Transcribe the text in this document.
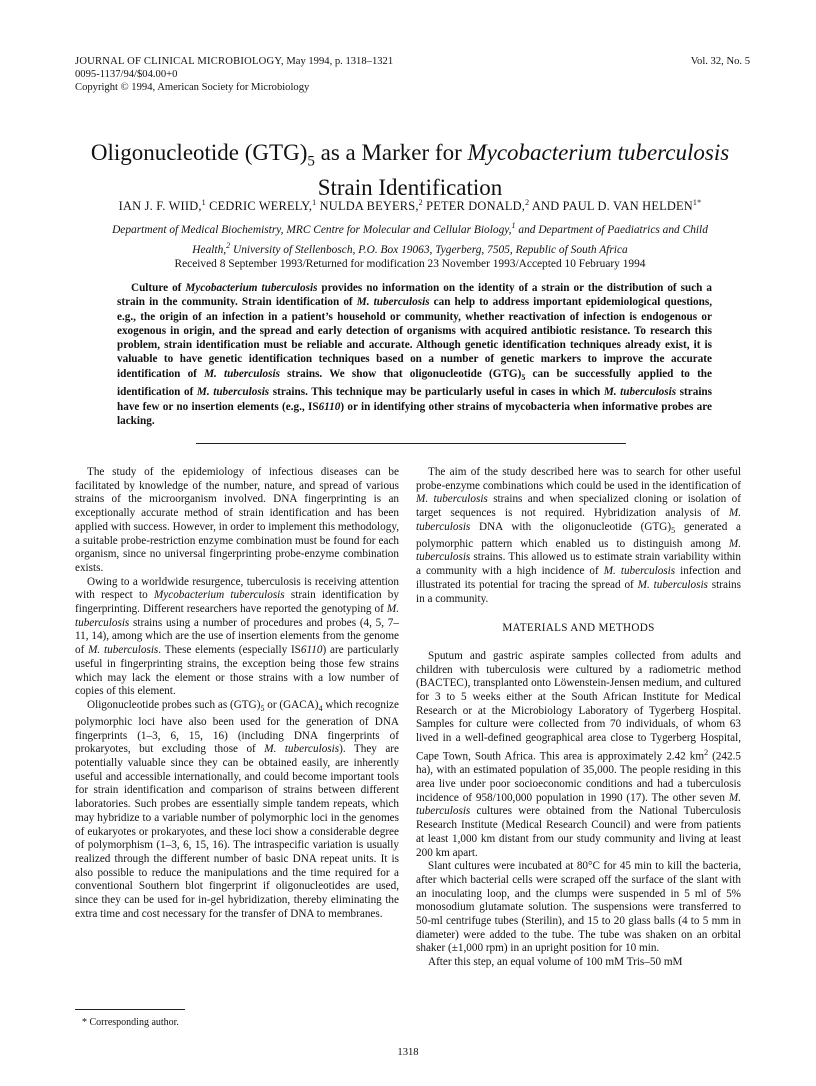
JOURNAL OF CLINICAL MICROBIOLOGY, May 1994, p. 1318–1321
0095-1137/94/$04.00+0
Copyright © 1994, American Society for Microbiology
Vol. 32, No. 5
Oligonucleotide $(GTG)_5$ as a Marker for Mycobacterium tuberculosis
Strain Identification
IAN J. F. WIID,$^1$ CEDRIC WERELY,$^1$ NULDA BEYERS,$^2$ PETER DONALD,$^2$ AND PAUL D. VAN $HELDEN^{1*}$
Department of Medical Biochemistry, MRC Centre for Molecular and Cellular Biology,$^1$ and Department of Paediatrics and Child Health,$^2$ University of Stellenbosch, P.O. Box 19063, Tygerberg, 7505, Republic of South Africa
Received 8 September 1993/Returned for modification 23 November 1993/Accepted 10 February 1994

Culture of Mycobacterium tuberculosis provides no information on the identity of a strain or the distribution of such a strain in the community. Strain identification of M. tuberculosis can help to address important epidemiological questions, e.g., the origin of an infection in a patient’s household or community, whether reactivation of infection is endogenous or exogenous in origin, and the spread and early detection of organisms with acquired antibiotic resistance. To research this problem, strain identification must be reliable and accurate. Although genetic identification techniques already exist, it is valuable to have genetic identification techniques based on a number of genetic markers to improve the accurate identification of M. tuberculosis strains. We show that oligonucleotide $(GTG)_5$ can be successfully applied to the identification of M. tuberculosis strains. This technique may be particularly useful in cases in which M. tuberculosis strains have few or no insertion elements (e.g., IS6110) or in identifying other strains of mycobacteria when informative probes are lacking.

The study of the epidemiology of infectious diseases can be facilitated by knowledge of the number, nature, and spread of various strains of the microorganism involved. DNA fingerprinting is an exceptionally accurate method of strain identification and has been applied with success. However, in order to implement this methodology, a suitable probe-restriction enzyme combination must be found for each organism, since no universal fingerprinting probe-enzyme combination exists.

Owing to a worldwide resurgence, tuberculosis is receiving attention with respect to Mycobacterium tuberculosis strain identification by fingerprinting. Different researchers have reported the genotyping of M. tuberculosis strains using a number of procedures and probes (4, 5, 7–11, 14), among which are the use of insertion elements from the genome of M. tuberculosis. These elements (especially IS6110) are particularly useful in fingerprinting strains, the exception being those few strains which may lack the element or those strains with a low number of copies of this element.

Oligonucleotide probes such as $(GTG)_5$ or $(GACA)_4$ which recognize polymorphic loci have also been used for the generation of DNA fingerprints (1–3, 6, 15, 16) (including DNA fingerprints of prokaryotes, but excluding those of M. tuberculosis). They are potentially valuable since they can be obtained easily, are inherently useful and accessible internationally, and could become important tools for strain identification and comparison of strains between different laboratories. Such probes are essentially simple tandem repeats, which may hybridize to a variable number of polymorphic loci in the genomes of eukaryotes or prokaryotes, and these loci show a considerable degree of polymorphism (1–3, 6, 15, 16). The intraspecific variation is usually realized through the different number of basic DNA repeat units. It is also possible to reduce the manipulations and the time required for a conventional Southern blot fingerprint if oligonucleotides are used, since they can be used for in-gel hybridization, thereby eliminating the extra time and cost necessary for the transfer of DNA to membranes.

The aim of the study described here was to search for other useful probe-enzyme combinations which could be used in the identification of M. tuberculosis strains and when specialized cloning or isolation of target sequences is not required. Hybridization analysis of M. tuberculosis DNA with the oligonucleotide $(GTG)_5$ generated a polymorphic pattern which enabled us to distinguish among M. tuberculosis strains. This allowed us to estimate strain variability within a community with a high incidence of M. tuberculosis infection and illustrated its potential for tracing the spread of M. tuberculosis strains in a community.

MATERIALS AND METHODS

Sputum and gastric aspirate samples collected from adults and children with tuberculosis were cultured by a radiometric method (BACTEC), transplanted onto Löwenstein-Jensen medium, and cultured for 3 to 5 weeks either at the South African Institute for Medical Research or at the Microbiology Laboratory of Tygerberg Hospital. Samples for culture were collected from 70 individuals, of whom 63 lived in a well-defined geographical area close to Tygerberg Hospital, Cape Town, South Africa. This area is approximately 2.42 $km^2$ (242.5 ha), with an estimated population of 35,000. The people residing in this area live under poor socioeconomic conditions and had a tuberculosis incidence of 958/100,000 population in 1990 (17). The other seven M. tuberculosis cultures were obtained from the National Tuberculosis Research Institute (Medical Research Council) and were from patients at least 1,000 km distant from our study community and living at least 200 km apart.

Slant cultures were incubated at 80°C for 45 min to kill the bacteria, after which bacterial cells were scraped off the surface of the slant with an inoculating loop, and the clumps were suspended in 5 ml of 5% monosodium glutamate solution. The suspensions were transferred to 50-ml centrifuge tubes (Sterilin), and 15 to 20 glass balls (4 to 5 mm in diameter) were added to the tube. The tube was shaken on an orbital shaker (±1,000 rpm) in an upright position for 10 min.

After this step, an equal volume of 100 mM Tris–50 mM

* Corresponding author.
1318
